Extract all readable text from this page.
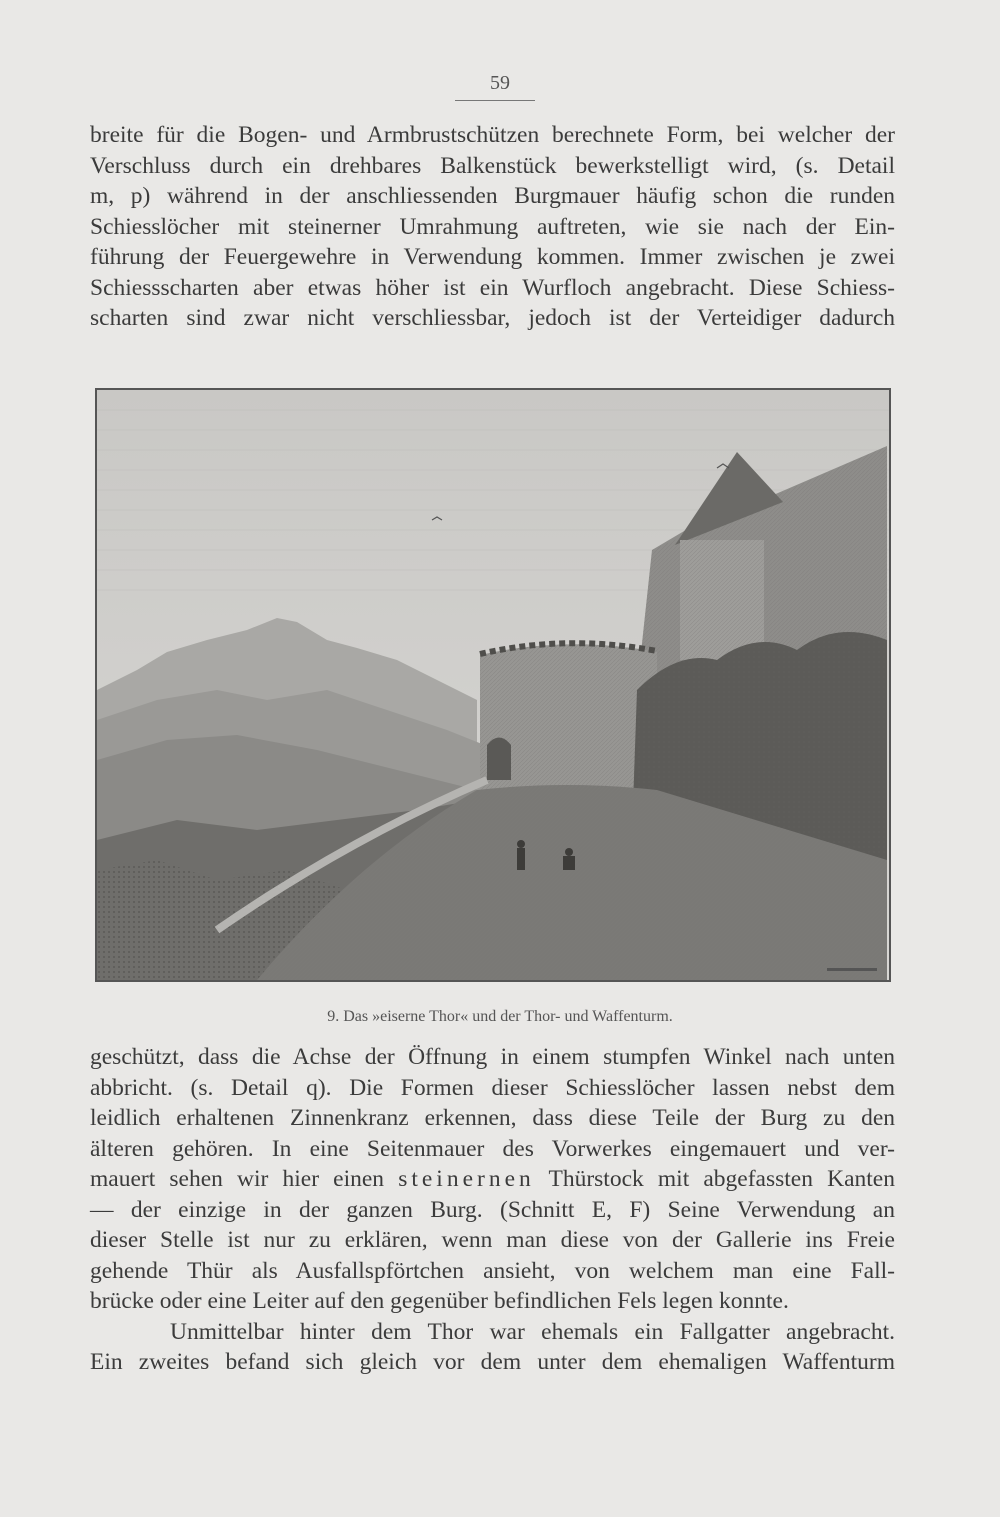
59
breite für die Bogen- und Armbrustschützen berechnete Form, bei welcher der
Verschluss durch ein drehbares Balkenstück bewerkstelligt wird, (s. Detail
m, p) während in der anschliessenden Burgmauer häufig schon die runden
Schiesslöcher mit steinerner Umrahmung auftreten, wie sie nach der Ein-
führung der Feuergewehre in Verwendung kommen. Immer zwischen je zwei
Schiessscharten aber etwas höher ist ein Wurfloch angebracht. Diese Schiess-
scharten sind zwar nicht verschliessbar, jedoch ist der Verteidiger dadurch
9. Das »eiserne Thor« und der Thor- und Waffenturm.
geschützt, dass die Achse der Öffnung in einem stumpfen Winkel nach unten
abbricht. (s. Detail q). Die Formen dieser Schiesslöcher lassen nebst dem
leidlich erhaltenen Zinnenkranz erkennen, dass diese Teile der Burg zu den
älteren gehören. In eine Seitenmauer des Vorwerkes eingemauert und ver-
mauert sehen wir hier einen steinernen Thürstock mit abgefassten Kanten
— der einzige in der ganzen Burg. (Schnitt E, F) Seine Verwendung an
dieser Stelle ist nur zu erklären, wenn man diese von der Gallerie ins Freie
gehende Thür als Ausfallspförtchen ansieht, von welchem man eine Fall-
brücke oder eine Leiter auf den gegenüber befindlichen Fels legen konnte.
Unmittelbar hinter dem Thor war ehemals ein Fallgatter angebracht.
Ein zweites befand sich gleich vor dem unter dem ehemaligen Waffenturm
